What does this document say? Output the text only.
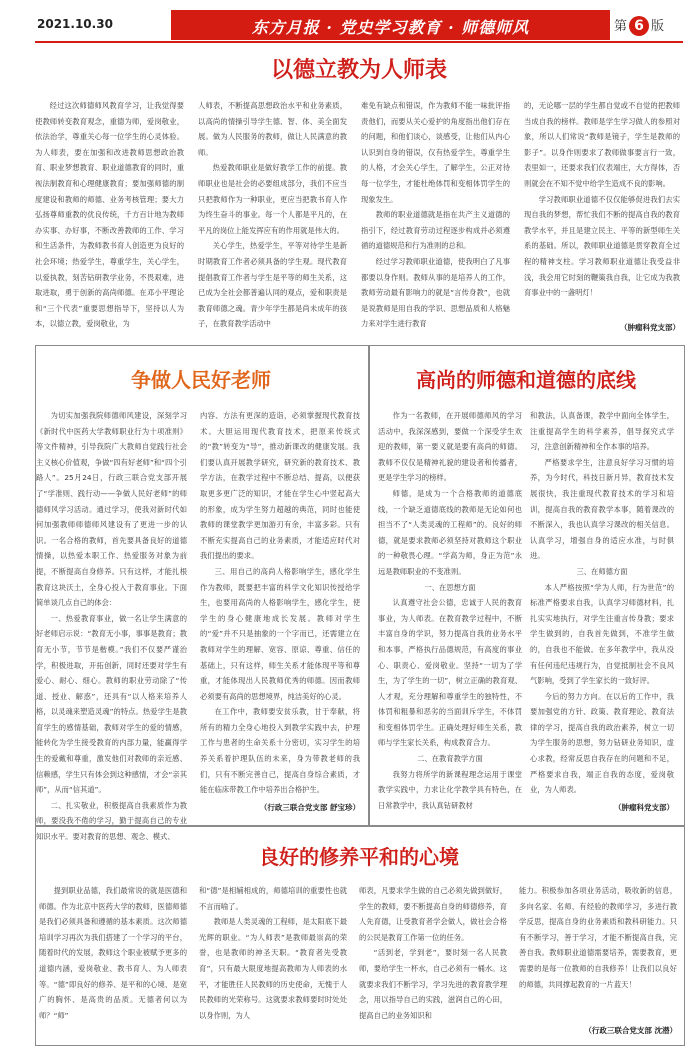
2021.10.30	东方月报 · 党史学习教育 · 师德师风	第 6 版
以德立教为人师表

经过这次师德师风教育学习，让我觉得要使教师转变教育观念，重德为师，爱岗敬业，依法治学，尊重关心每一位学生的心灵体验。为人师表，要在加强和改进教师思想政治教育、职业梦想教育、职业道德教育的同时，重视法制教育和心理健康教育；要加强师德的制度建设和教师的师德、业务考核管理；要大力弘扬尊师重教的优良传统，千方百计地为教师办实事、办好事，不断改善教师的工作、学习和生活条件，为教师教书育人创造更为良好的社会环境；热爱学生，尊重学生，关心学生，以爱执教，刻苦钻研教学业务，不畏艰难，进取进取，勇于创新的高尚师德。在邓小平理论和“三个代表”重要思想指导下，坚持以人为本，以德立教，爱岗敬业，为

人师表，不断提高思想政治水平和业务素质，以高尚的情操引导学生德、智、体、美全面发展。做为人民服务的教师，做让人民满意的教师。

热爱教师职业是做好教学工作的前提。教师职业也是社会的必要组成部分，我们不应当只把教师作为一种职业，更应当把教书育人作为终生奋斗的事业。每一个人都是平凡的，在平凡的岗位上能发挥应有的作用就是伟大的。

关心学生，热爱学生，平等对待学生是新时期教育工作者必须具备的学生观。现代教育提倡教育工作者与学生是平等的师生关系，这已成为全社会都普遍认同的观点，爱和职责是教育师德之魂。青少年学生都是尚未成年的孩子，在教育教学活动中

难免有缺点和错误，作为教师不能一味批评指责他们，而要从关心爱护的角度指出他们存在的问题，和他们谈心，谈感受，让他们从内心认识到自身的错误，仅有热爱学生，尊重学生的人格，才会关心学生，了解学生，公正对待每一位学生，才能杜绝体罚和变相体罚学生的现象发生。

教师的职业道德就是指在共产主义道德的指引下，经过教育劳动过程逐步构成并必须遵循的道德规范和行为准则的总和。

经过学习教师职业道德，使我明白了凡事都要以身作则。教师从事的是培养人的工作，教师劳动最有影响力的就是“言传身教”，也就是说教师是用自我的学识、思想品质和人格魅力来对学生进行教育

的，无论哪一层的学生都自觉或不自觉的把教师当成自我的榜样。教师是学生学习做人的参照对象，所以人们常说“教师是镜子，学生是教师的影子”。以身作则要求了教师做事要言行一致，表里如一，还要求我们仪表端庄，大方得体，否则就会在不知不觉中给学生造成不良的影响。

学习教师职业道德不仅仅能够促进我们去实现自我的梦想，帮忙我们不断的提高自我的教育教学水平，并且是建立民主、平等的新型师生关系的基础。所以，教师职业道德是贯穿教育全过程的精神支柱。学习教师职业道德让我受益非浅，我会用它时刻的鞭策我自我，让它成为我教育事业中的一盏明灯！

（肿瘤科党支部）
争做人民好老师

为切实加强我院师德师风建设，深刻学习《新时代中医药大学教师职业行为十项准则》等文件精神，引导我院广大教师自觉践行社会主义核心价值观，争做“四有好老师”和“四个引路人”。25月24日，行政三联合党支部开展了“学准则、践行动——争做人民好老师”的师德师风学习活动。通过学习，使我对新时代如何加强教师师德师风建设有了更进一步的认识。一名合格的教师，首先要具备良好的道德情操，以热爱本职工作、热爱服务对象为前提，不断提高自身修养。只有这样，才能扎根教育这块沃土，全身心投入于教育事业。下面简单谈几点自己的体会：

一、热爱教育事业，做一名让学生满意的好老师启示说：“教育无小事，事事是教育；教育无小节，节节是楷模。”我们不仅要严谨治学，积极进取，开拓创新，同时还要对学生有爱心、耐心、细心。教师的职业劳动除了“传道、授业、解惑”，还具有“以人格来培养人格，以灵魂来塑造灵魂”的特点。热爱学生是教育学生的感情基础，教师对学生的爱的情感，能转化为学生接受教育的内部力量，能赢得学生的爱戴和尊重，激发他们对教师的亲近感、信赖感，学生只有体会到这种感情，才会“亲其师”，从而“信其道”。

二、扎实敬业，积极提高自我素质作为教师，要没我不倦的学习，勤于提高自己的专业知识水平。要对教育的思想、观念、模式、

内容、方法有更深的造诣，必须掌握现代教育技术。大胆运用现代教育技术，把原来传统式的“教”转变为“导”，推动新课改的健康发展。我们要认真开展教学研究，研究新的教育技术、教学方法，在教学过程中不断总结、提高，以便获取更多更广泛的知识，才能在学生心中竖起高大的形象，成为学生努力超越的典范，同时也能使教师的课堂教学更加游刃有余，丰富多彩。只有不断充实提高自己的业务素质，才能适应时代对我们提出的要求。

三、用自己的高尚人格影响学生，感化学生作为教师，既要把丰富的科学文化知识传授给学生，也要用高尚的人格影响学生，感化学生，使学生的身心健康地成长发展。教师对学生的“爱”并不只是抽象的一个字而已，还需建立在教师对学生的理解、宽容、原谅、尊重、信任的基础上，只有这样，师生关系才能体现平等和尊重，才能体现出人民教师优秀的师德。因而教师必须要有高尚的思想境界，纯洁美好的心灵。

在工作中，教师要安贫乐教，甘于奉献，将所有的精力全身心地投入到教学实践中去，护理工作与患者的生命关系十分密切，实习学生的培养关系着护理队伍的未来，身为带教老师的我们，只有不断完善自己，提高自身综合素质，才能在临床带教工作中培养出合格护生。

（行政三联合党支部 舒宝珍）
高尚的师德和道德的底线

作为一名教师，在开展师德师风的学习活动中，我深深感到，要做一个深受学生欢迎的教师，第一要义就是要有高尚的师德。教师不仅仅是精神礼貌的建设者和传播者，更是学生学习的榜样。

师德，是成为一个合格教师的道德底线，一个缺乏道德底线的教师是无论如何也担当不了“人类灵魂的工程师”的。良好的师德，就是要求教师必须坚持对教师这个职业的一种敬畏心理。“学高为师，身正为范”永远是教师职业的不变准则。

一、在思想方面

认真遵守社会公德，忠诚于人民的教育事业，为人师表。在教育教学过程中，不断丰富自身的学识，努力提高自我的业务水平和本事，严格执行品德规范，有高度的事业心、职责心、爱岗敬业。坚持“一切为了学生，为了学生的一切”，树立正确的教育观、人才观，充分理解和尊重学生的独特性，不体罚和粗暴和恶劣的当面训斥学生，不体罚和变相体罚学生。正确处理好师生关系，教师与学生家长关系，构成教育合力。

二、在教育教学方面

我努力将所学的新课程理念运用于课堂教学实践中，力求让化学教学具有特色，在日常教学中，我认真钻研教材

和教法，认真备课，教学中面向全体学生，注重提高学生的科学素养，倡导探究式学习，注意创新精神和全作本事的培养。

严格要求学生，注意良好学习习惯的培养，为今时代，科技日新月异，教育技术发展很快，我注重现代教育技术的学习和培训，提高自我的教育教学本事，随着课改的不断深入，我也认真学习课改的相关信息。认真学习，增强自身的适应水准，与时俱进。

三、在师德方面

本人严格按照“学为人师，行为世范”的标准严格要求自我，认真学习师德材料，扎扎实实地执行，对学生注重言传身教；要求学生做到的，自我首先做到，不准学生做的，自我也不能做。在多年教学中，我从没有任何违纪违规行为，自觉抵制社会不良风气影响，受到了学生家长的一致好评。

今后的努力方向。在以后的工作中，我要加强党的方针、政策、教育理论、教育法律的学习，提高自我的政治素养，树立一切为学生服务的思想，努力钻研业务知识，虚心求教，经常反思自我存在的问题和不足，严格要求自我，端正自我的态度，爱岗敬业，为人师表。

（肿瘤科党支部）
良好的修养平和的心境

提到职业品德，我们最常说的就是医德和师德。作为北京中医药大学的教师，医德师德是我们必须具备和遵循的基本素质。这次师德培训学习再次为我们搭建了一个学习的平台，随着时代的发展，教师这个职业被赋予更多的道德内涵，爱岗敬业、教书育人、为人师表等。“德”即良好的修养、是平和的心境、是宽广的胸怀、是高贵的品质。无德者何以为师？“师”

和“德”是相辅相成的，师德培训的重要性也就不言而喻了。

教师是人类灵魂的工程师，是太阳底下最光辉的职业。“为人师表”是教师最崇高的荣誉，也是教师的神圣天职。“教育者先受教育”，只有最大限度地提高教师为人师表的水平，才能胜任人民教师的历史使命，无愧于人民教师的光荣称号。这就要求教师要时时处处以身作则，为人

师表，凡要求学生做的自己必须先做到做好，学生的教师，要不断提高自身的师德修养，育人先育德，让受教育者学会做人，做社会合格的公民是教育工作第一位的任务。

“活到老，学到老”，要时刻一名人民教师，要给学生一杯水，自己必须有一桶水。这就要求我们不断学习，学习先进的教育教学理念，用以指导自己的实践，滋润自己的心田，提高自己的业务知识和

能力。积极参加各项业务活动，吸收新的信息，多向名家、名师、有经验的教师学习，多进行教学反思，提高自身的业务素质和教科研能力。只有不断学习，善于学习，才能不断提高自我，完善自我。教师职业道德需要培养，需要教育，更需要的是每一位教师的自我修养！让我们以良好的师德，共同撑起教育的一片蓝天！

（行政三联合党支部 沈潜）
